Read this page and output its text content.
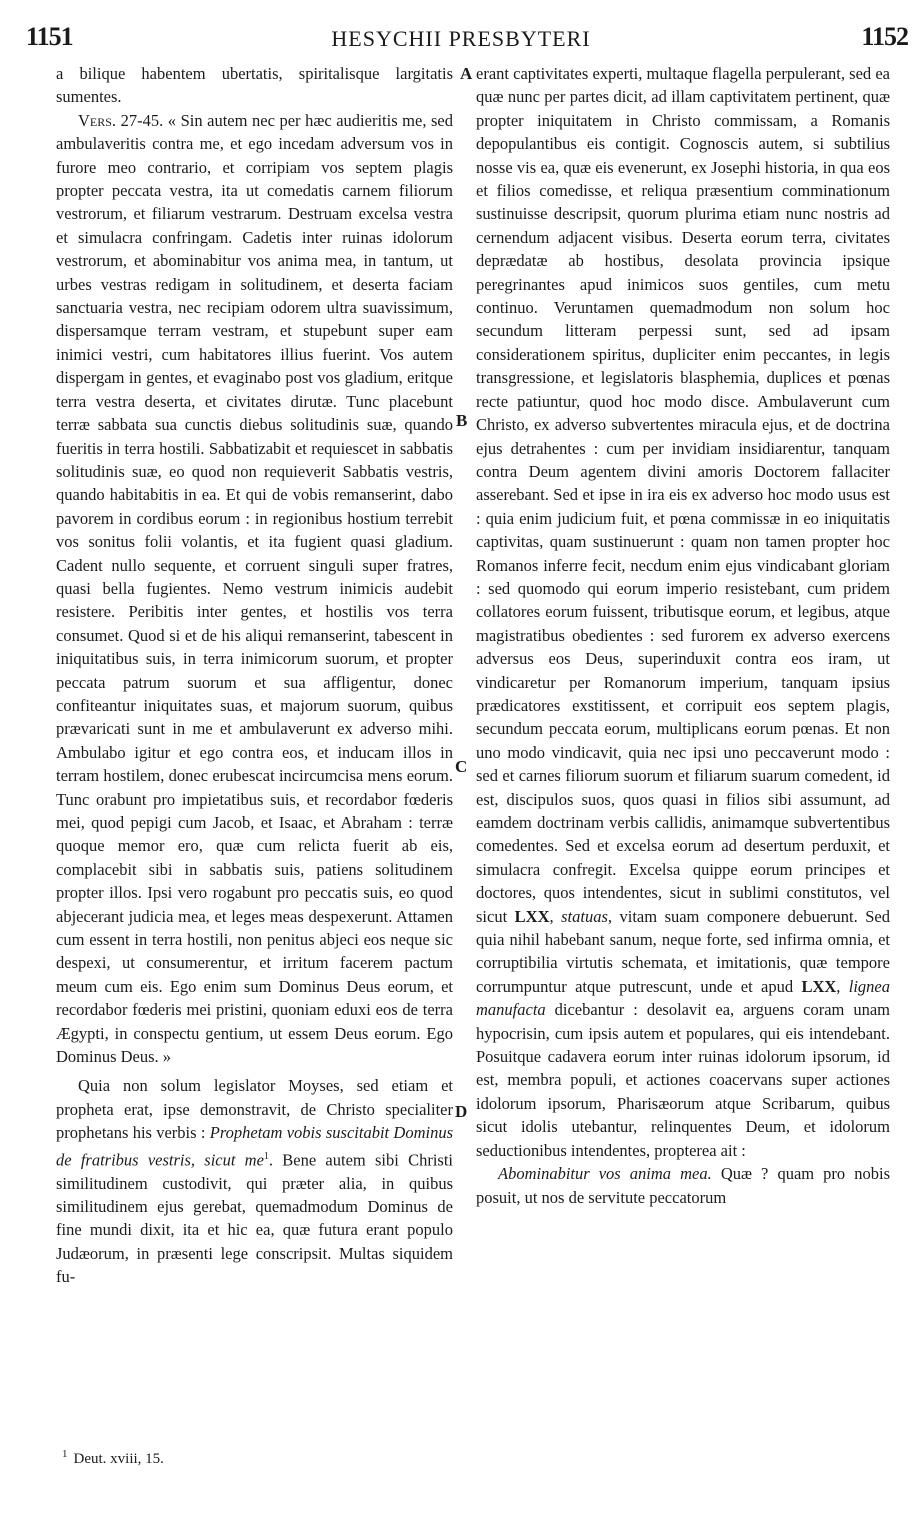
1151	HESYCHII PRESBYTERI	1152
A
B
C
D

a bilique habentem ubertatis, spiritalisque largitatis sumentes.

Vers. 27-45. « Sin autem nec per hæc audieritis me, sed ambulaveritis contra me, et ego incedam adversum vos in furore meo contrario, et corripiam vos septem plagis propter peccata vestra, ita ut comedatis carnem filiorum vestrorum, et filiarum vestrarum. Destruam excelsa vestra et simulacra confringam. Cadetis inter ruinas idolorum vestrorum, et abominabitur vos anima mea, in tantum, ut urbes vestras redigam in solitudinem, et deserta faciam sanctuaria vestra, nec recipiam odorem ultra suavissimum, dispersamque terram vestram, et stupebunt super eam inimici vestri, cum habitatores illius fuerint. Vos autem dispergam in gentes, et evaginabo post vos gladium, eritque terra vestra deserta, et civitates dirutæ. Tunc placebunt terræ sabbata sua cunctis diebus solitudinis suæ, quando fueritis in terra hostili. Sabbatizabit et requiescet in sabbatis solitudinis suæ, eo quod non requieverit Sabbatis vestris, quando habitabitis in ea. Et qui de vobis remanserint, dabo pavorem in cordibus eorum : in regionibus hostium terrebit vos sonitus folii volantis, et ita fugient quasi gladium. Cadent nullo sequente, et corruent singuli super fratres, quasi bella fugientes. Nemo vestrum inimicis audebit resistere. Peribitis inter gentes, et hostilis vos terra consumet. Quod si et de his aliqui remanserint, tabescent in iniquitatibus suis, in terra inimicorum suorum, et propter peccata patrum suorum et sua affligentur, donec confiteantur iniquitates suas, et majorum suorum, quibus prævaricati sunt in me et ambulaverunt ex adverso mihi. Ambulabo igitur et ego contra eos, et inducam illos in terram hostilem, donec erubescat incircumcisa mens eorum. Tunc orabunt pro impietatibus suis, et recordabor fœderis mei, quod pepigi cum Jacob, et Isaac, et Abraham : terræ quoque memor ero, quæ cum relicta fuerit ab eis, complacebit sibi in sabbatis suis, patiens solitudinem propter illos. Ipsi vero rogabunt pro peccatis suis, eo quod abjecerant judicia mea, et leges meas despexerunt. Attamen cum essent in terra hostili, non penitus abjeci eos neque sic despexi, ut consumerentur, et irritum facerem pactum meum cum eis. Ego enim sum Dominus Deus eorum, et recordabor fœderis mei pristini, quoniam eduxi eos de terra Ægypti, in conspectu gentium, ut essem Deus eorum. Ego Dominus Deus. »

Quia non solum legislator Moyses, sed etiam et propheta erat, ipse demonstravit, de Christo specialiter prophetans his verbis : Prophetam vobis suscitabit Dominus de fratribus vestris, sicut $me^1$. Bene autem sibi Christi similitudinem custodivit, qui præter alia, in quibus similitudinem ejus gerebat, quemadmodum Dominus de fine mundi dixit, ita et hic ea, quæ futura erant populo Judæorum, in præsenti lege conscripsit. Multas siquidem fu-

erant captivitates experti, multaque flagella perpulerant, sed ea quæ nunc per partes dicit, ad illam captivitatem pertinent, quæ propter iniquitatem in Christo commissam, a Romanis depopulantibus eis contigit. Cognoscis autem, si subtilius nosse vis ea, quæ eis evenerunt, ex Josephi historia, in qua eos et filios comedisse, et reliqua præsentium comminationum sustinuisse descripsit, quorum plurima etiam nunc nostris ad cernendum adjacent visibus. Deserta eorum terra, civitates deprædatæ ab hostibus, desolata provincia ipsique peregrinantes apud inimicos suos gentiles, cum metu continuo. Veruntamen quemadmodum non solum hoc secundum litteram perpessi sunt, sed ad ipsam considerationem spiritus, dupliciter enim peccantes, in legis transgressione, et legislatoris blasphemia, duplices et pœnas recte patiuntur, quod hoc modo disce. Ambulaverunt cum Christo, ex adverso subvertentes miracula ejus, et de doctrina ejus detrahentes : cum per invidiam insidiarentur, tanquam contra Deum agentem divini amoris Doctorem fallaciter asserebant. Sed et ipse in ira eis ex adverso hoc modo usus est : quia enim judicium fuit, et pœna commissæ in eo iniquitatis captivitas, quam sustinuerunt : quam non tamen propter hoc Romanos inferre fecit, necdum enim ejus vindicabant gloriam : sed quomodo qui eorum imperio resistebant, cum pridem collatores eorum fuissent, tributisque eorum, et legibus, atque magistratibus obedientes : sed furorem ex adverso exercens adversus eos Deus, superinduxit contra eos iram, ut vindicaretur per Romanorum imperium, tanquam ipsius prædicatores exstitissent, et corripuit eos septem plagis, secundum peccata eorum, multiplicans eorum pœnas. Et non uno modo vindicavit, quia nec ipsi uno peccaverunt modo : sed et carnes filiorum suorum et filiarum suarum comedent, id est, discipulos suos, quos quasi in filios sibi assumunt, ad eamdem doctrinam verbis callidis, animamque subvertentibus comedentes. Sed et excelsa eorum ad desertum perduxit, et simulacra confregit. Excelsa quippe eorum principes et doctores, quos intendentes, sicut in sublimi constitutos, vel sicut LXX, statuas, vitam suam componere debuerunt. Sed quia nihil habebant sanum, neque forte, sed infirma omnia, et corruptibilia virtutis schemata, et imitationis, quæ tempore corrumpuntur atque putrescunt, unde et apud LXX, lignea manufacta dicebantur : desolavit ea, arguens coram unam hypocrisin, cum ipsis autem et populares, qui eis intendebant. Posuitque cadavera eorum inter ruinas idolorum ipsorum, id est, membra populi, et actiones coacervans super actiones idolorum ipsorum, Pharisæorum atque Scribarum, quibus sicut idolis utebantur, relinquentes Deum, et idolorum seductionibus intendentes, propterea ait :

Abominabitur vos anima mea. Quæ ? quam pro nobis posuit, ut nos de servitute peccatorum

$^1$ Deut. xviii, 15.
